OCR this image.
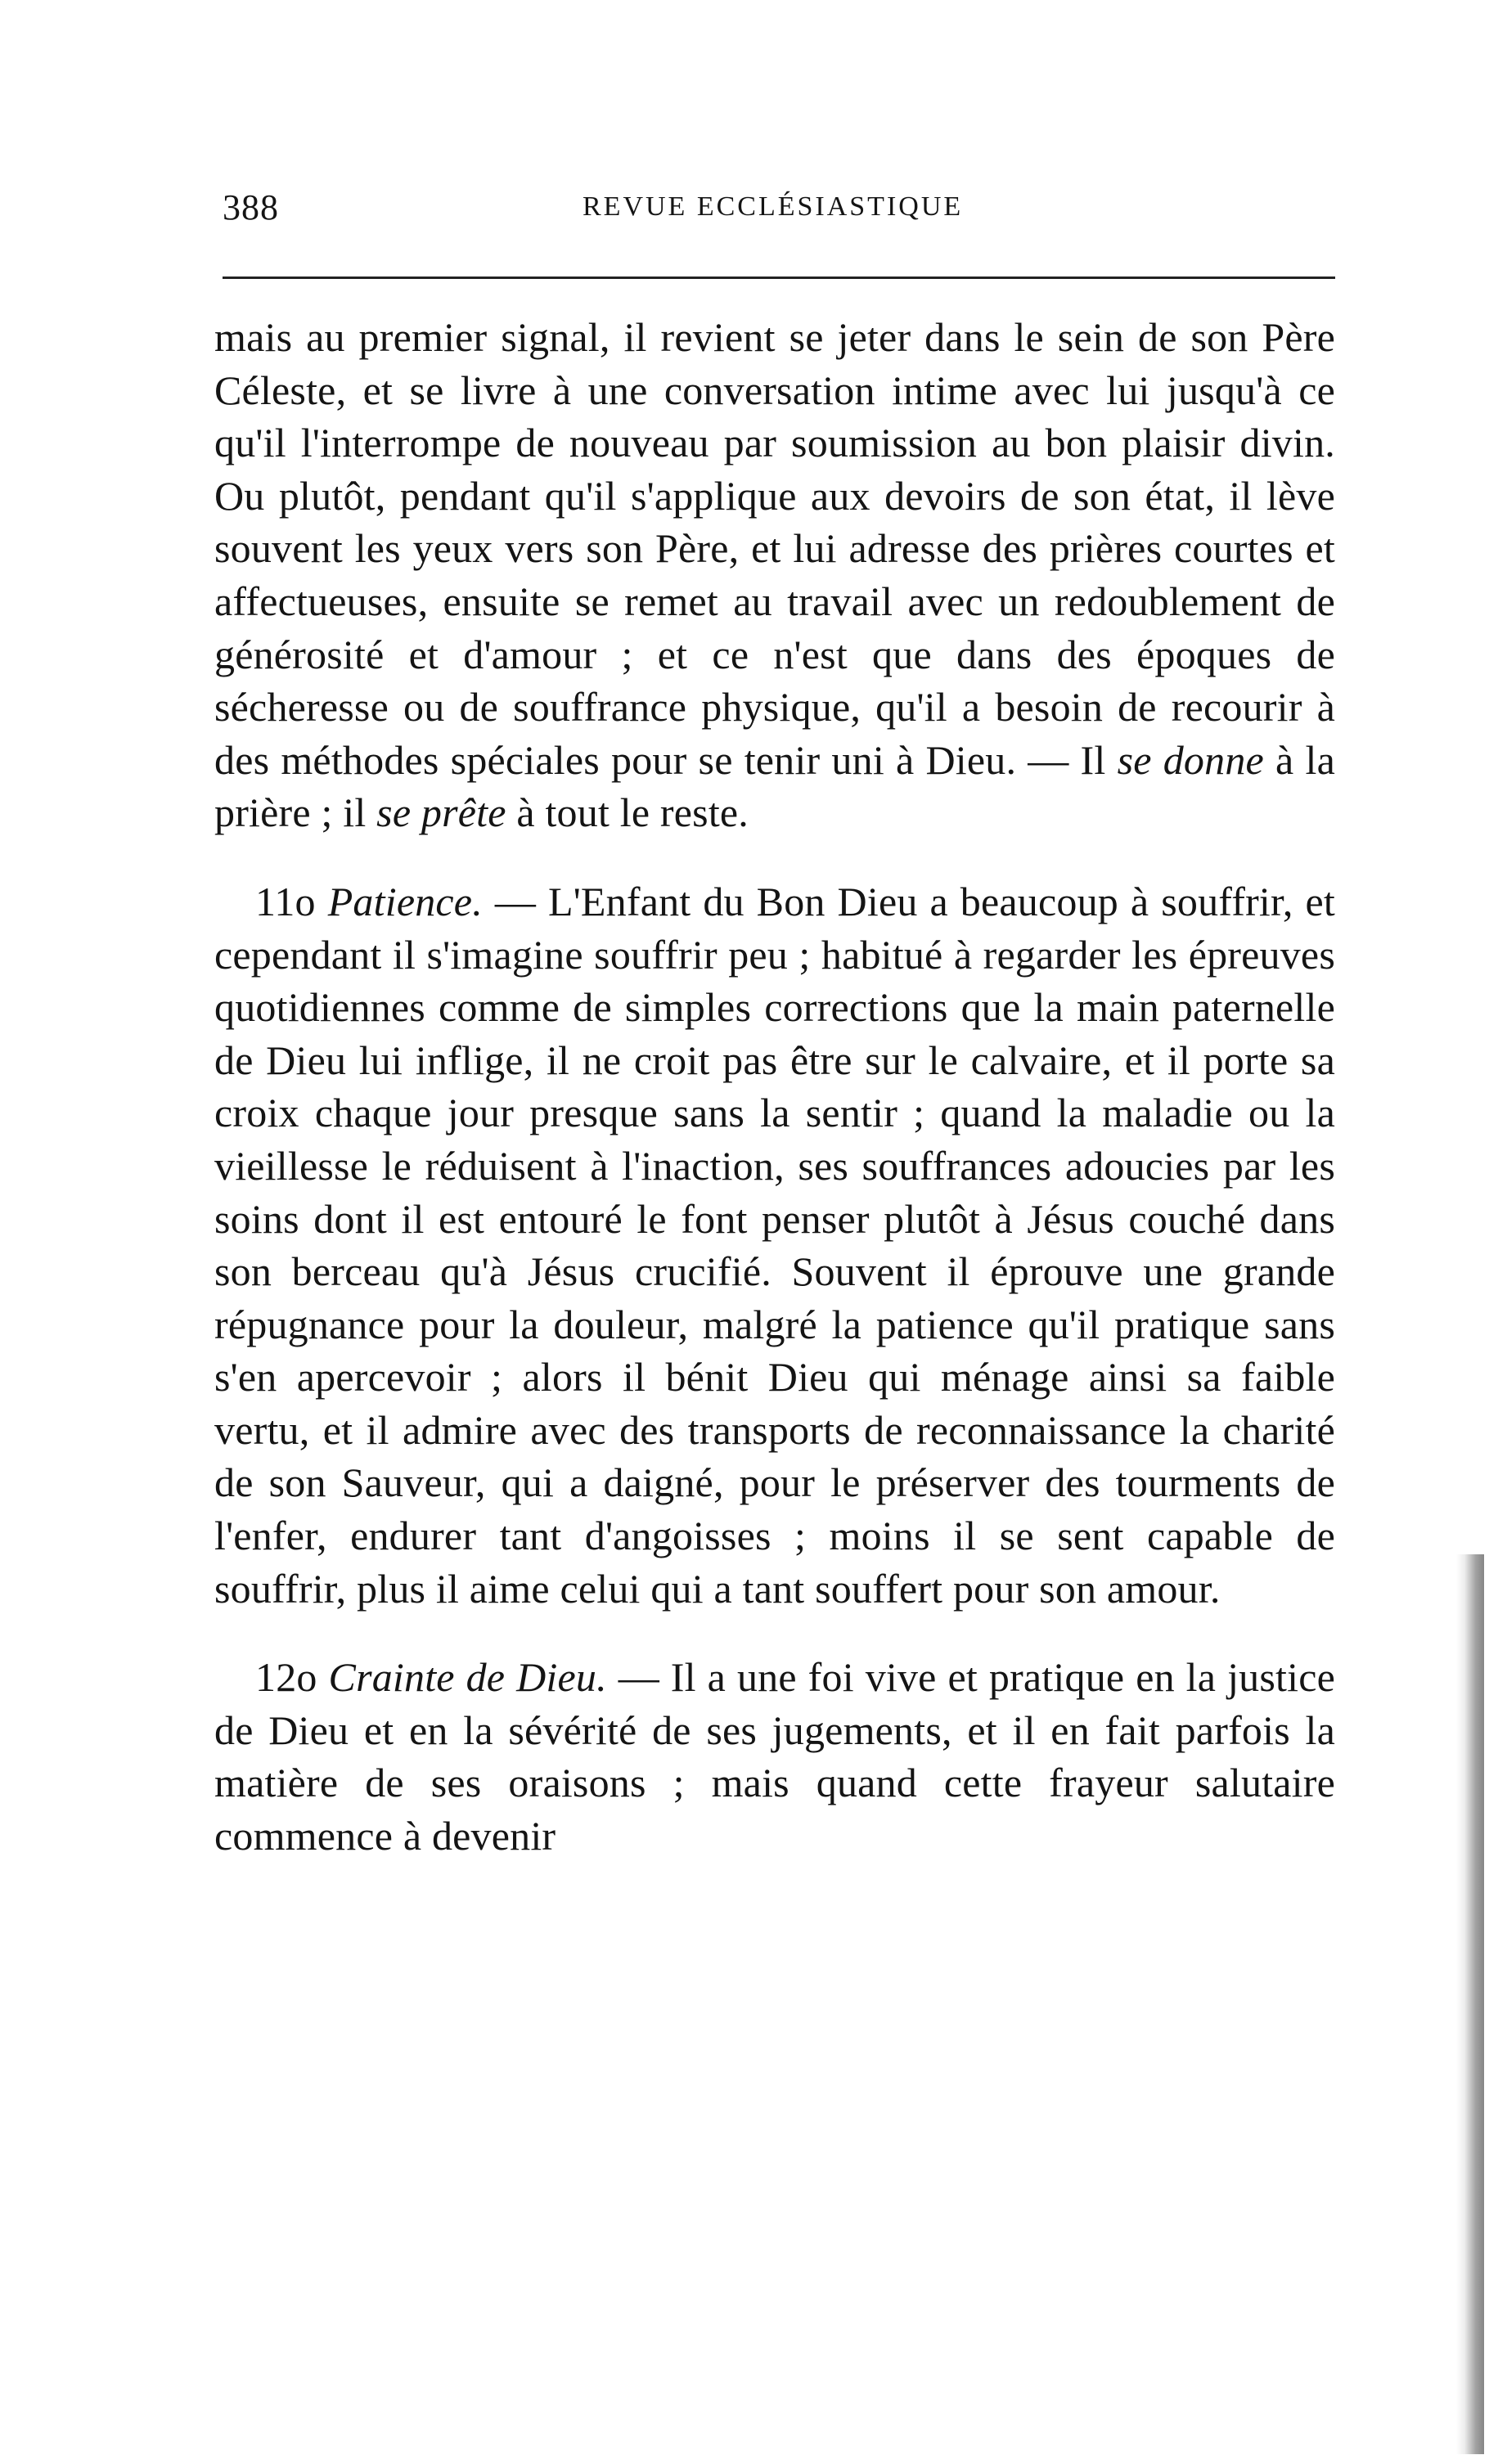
388	REVUE ECCLÉSIASTIQUE

mais au premier signal, il revient se jeter dans le sein de son Père Céleste, et se livre à une conversation intime avec lui jusqu'à ce qu'il l'interrompe de nouveau par soumission au bon plaisir divin. Ou plutôt, pendant qu'il s'applique aux devoirs de son état, il lève souvent les yeux vers son Père, et lui adresse des prières courtes et affectueuses, ensuite se remet au travail avec un redoublement de générosité et d'amour ; et ce n'est que dans des époques de sécheresse ou de souffrance physique, qu'il a besoin de recourir à des méthodes spéciales pour se tenir uni à Dieu. — Il se donne à la prière ; il se prête à tout le reste.

11o Patience. — L'Enfant du Bon Dieu a beaucoup à souffrir, et cependant il s'imagine souffrir peu ; habitué à regarder les épreuves quotidiennes comme de simples corrections que la main paternelle de Dieu lui inflige, il ne croit pas être sur le calvaire, et il porte sa croix chaque jour presque sans la sentir ; quand la maladie ou la vieillesse le réduisent à l'inaction, ses souffrances adoucies par les soins dont il est entouré le font penser plutôt à Jésus couché dans son berceau qu'à Jésus crucifié. Souvent il éprouve une grande répugnance pour la douleur, malgré la patience qu'il pratique sans s'en apercevoir ; alors il bénit Dieu qui ménage ainsi sa faible vertu, et il admire avec des transports de reconnaissance la charité de son Sauveur, qui a daigné, pour le préserver des tourments de l'enfer, endurer tant d'angoisses ; moins il se sent capable de souffrir, plus il aime celui qui a tant souffert pour son amour.

12o Crainte de Dieu. — Il a une foi vive et pratique en la justice de Dieu et en la sévérité de ses jugements, et il en fait parfois la matière de ses oraisons ; mais quand cette frayeur salutaire commence à devenir
